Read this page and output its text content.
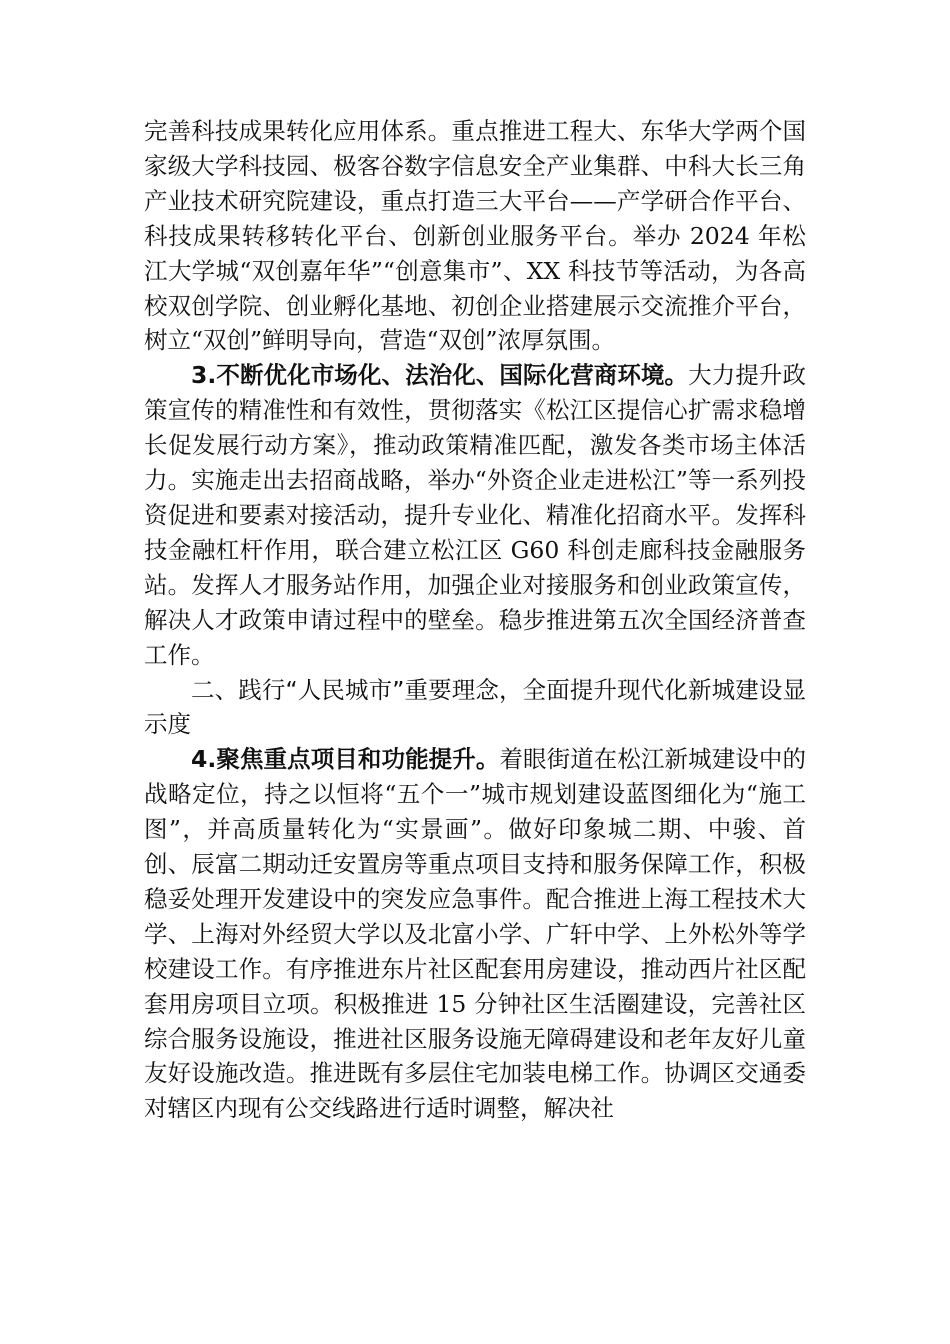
完善科技成果转化应用体系。重点推进工程大、东华大学两个国家级大学科技园、极客谷数字信息安全产业集群、中科大长三角产业技术研究院建设，重点打造三大平台——产学研合作平台、科技成果转移转化平台、创新创业服务平台。举办 2024 年松江大学城“双创嘉年华”“创意集市”、XX 科技节等活动，为各高校双创学院、创业孵化基地、初创企业搭建展示交流推介平台，树立“双创”鲜明导向，营造“双创”浓厚氛围。

3.不断优化市场化、法治化、国际化营商环境。大力提升政策宣传的精准性和有效性，贯彻落实《松江区提信心扩需求稳增长促发展行动方案》，推动政策精准匹配，激发各类市场主体活力。实施走出去招商战略，举办“外资企业走进松江”等一系列投资促进和要素对接活动，提升专业化、精准化招商水平。发挥科技金融杠杆作用，联合建立松江区 G60 科创走廊科技金融服务站。发挥人才服务站作用，加强企业对接服务和创业政策宣传，解决人才政策申请过程中的壁垒。稳步推进第五次全国经济普查工作。

二、践行“人民城市”重要理念，全面提升现代化新城建设显示度

4.聚焦重点项目和功能提升。着眼街道在松江新城建设中的战略定位，持之以恒将“五个一”城市规划建设蓝图细化为“施工图”，并高质量转化为“实景画”。做好印象城二期、中骏、首创、辰富二期动迁安置房等重点项目支持和服务保障工作，积极稳妥处理开发建设中的突发应急事件。配合推进上海工程技术大学、上海对外经贸大学以及北富小学、广轩中学、上外松外等学校建设工作。有序推进东片社区配套用房建设，推动西片社区配套用房项目立项。积极推进 15 分钟社区生活圈建设，完善社区综合服务设施设，推进社区服务设施无障碍建设和老年友好儿童友好设施改造。推进既有多层住宅加装电梯工作。协调区交通委对辖区内现有公交线路进行适时调整，解决社
